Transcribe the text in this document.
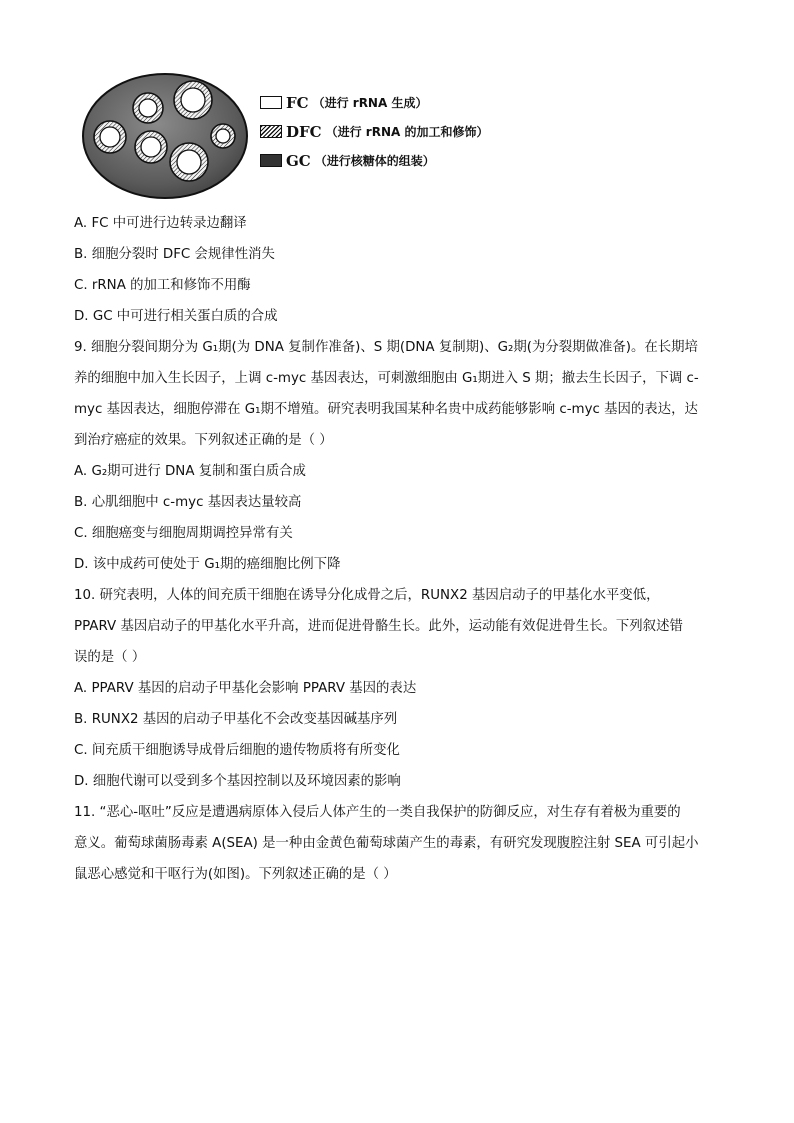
FC （进行 rRNA 生成）
DFC （进行 rRNA 的加工和修饰）
GC （进行核糖体的组装）
A. FC 中可进行边转录边翻译
B. 细胞分裂时 DFC 会规律性消失
C. rRNA 的加工和修饰不用酶
D. GC 中可进行相关蛋白质的合成
9. 细胞分裂间期分为 G₁期(为 DNA 复制作准备)、S 期(DNA 复制期)、G₂期(为分裂期做准备)。在长期培
养的细胞中加入生长因子，上调 c-myc 基因表达，可刺激细胞由 G₁期进入 S 期；撤去生长因子，下调 c-
myc 基因表达，细胞停滞在 G₁期不增殖。研究表明我国某种名贵中成药能够影响 c-myc 基因的表达，达
到治疗癌症的效果。下列叙述正确的是（ ）
A. G₂期可进行 DNA 复制和蛋白质合成
B. 心肌细胞中 c-myc 基因表达量较高
C. 细胞癌变与细胞周期调控异常有关
D. 该中成药可使处于 G₁期的癌细胞比例下降
10. 研究表明，人体的间充质干细胞在诱导分化成骨之后，RUNX2 基因启动子的甲基化水平变低，
PPARV 基因启动子的甲基化水平升高，进而促进骨骼生长。此外，运动能有效促进骨生长。下列叙述错
误的是（ ）
A. PPARV 基因的启动子甲基化会影响 PPARV 基因的表达
B. RUNX2 基因的启动子甲基化不会改变基因碱基序列
C. 间充质干细胞诱导成骨后细胞的遗传物质将有所变化
D. 细胞代谢可以受到多个基因控制以及环境因素的影响
11. “恶心-呕吐”反应是遭遇病原体入侵后人体产生的一类自我保护的防御反应，对生存有着极为重要的
意义。葡萄球菌肠毒素 A(SEA) 是一种由金黄色葡萄球菌产生的毒素，有研究发现腹腔注射 SEA 可引起小
鼠恶心感觉和干呕行为(如图)。下列叙述正确的是（ ）
